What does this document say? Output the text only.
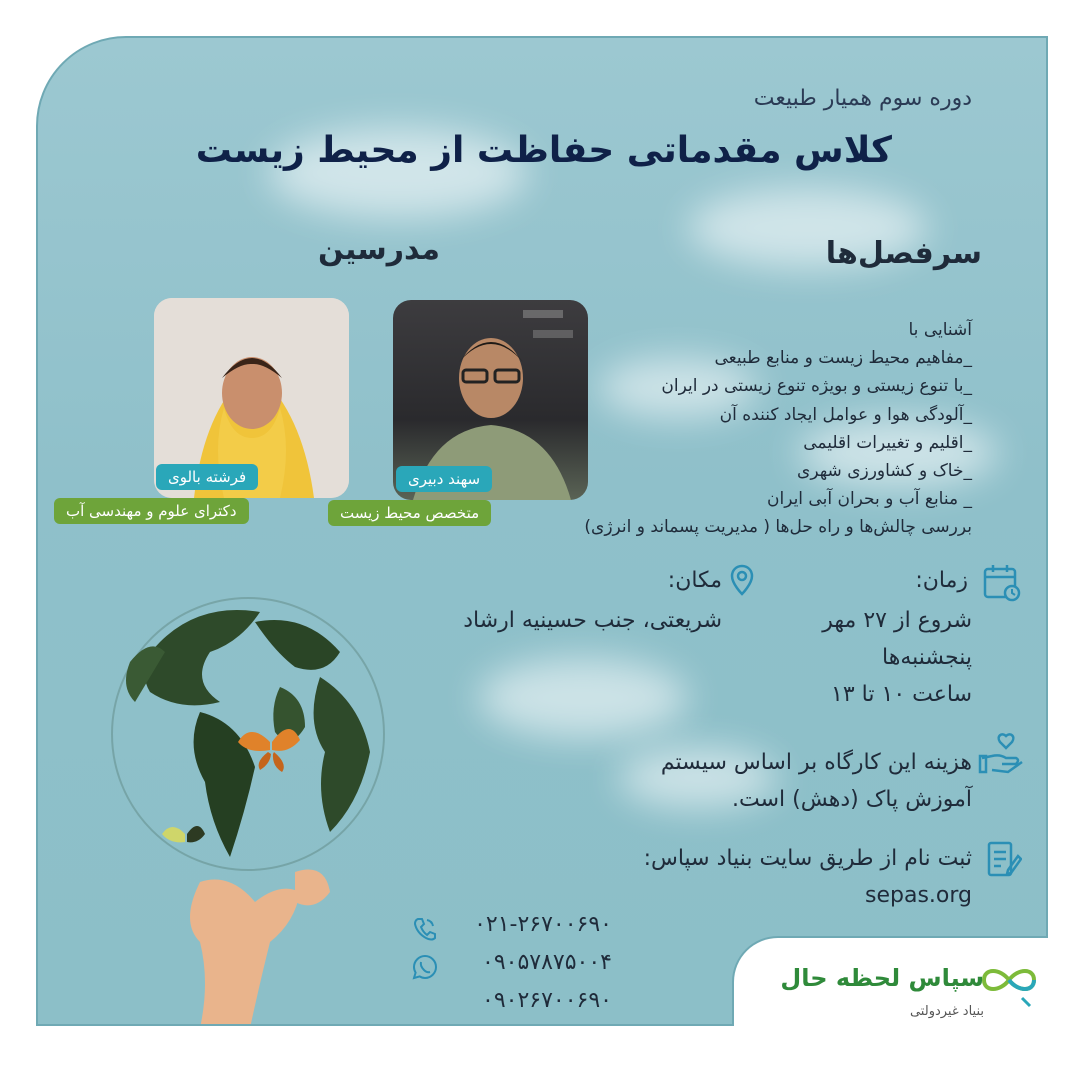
دوره سوم همیار طبیعت
کلاس مقدماتی حفاظت از محیط زیست
مدرسین	سرفصل‌ها
فرشته بالوی
دکترای علوم و مهندسی آب
سهند دبیری
متخصص محیط زیست
آشنایی با
_مفاهیم محیط زیست و منابع طبیعی
_با تنوع زیستی و بویژه تنوع زیستی در ایران
_آلودگی هوا و عوامل ایجاد کننده آن
_اقلیم و تغییرات اقلیمی
_خاک و کشاورزی شهری
_ منابع آب و بحران آبی ایران
بررسی چالش‌ها و راه حل‌ها ( مدیریت پسماند و انرژی)
زمان:
شروع از ۲۷ مهر
پنجشنبه‌ها
ساعت ۱۰ تا ۱۳
مکان:
شریعتی، جنب حسینیه ارشاد
هزینه این کارگاه بر اساس سیستم
آموزش پاک (دهش) است.
ثبت نام از طریق سایت بنیاد سپاس:
sepas.org
۰۲۱-۲۶۷۰۰۶۹۰
۰۹۰۵۷۸۷۵۰۰۴
۰۹۰۲۶۷۰۰۶۹۰
سپاس لحظه حال
بنیاد غیردولتی
